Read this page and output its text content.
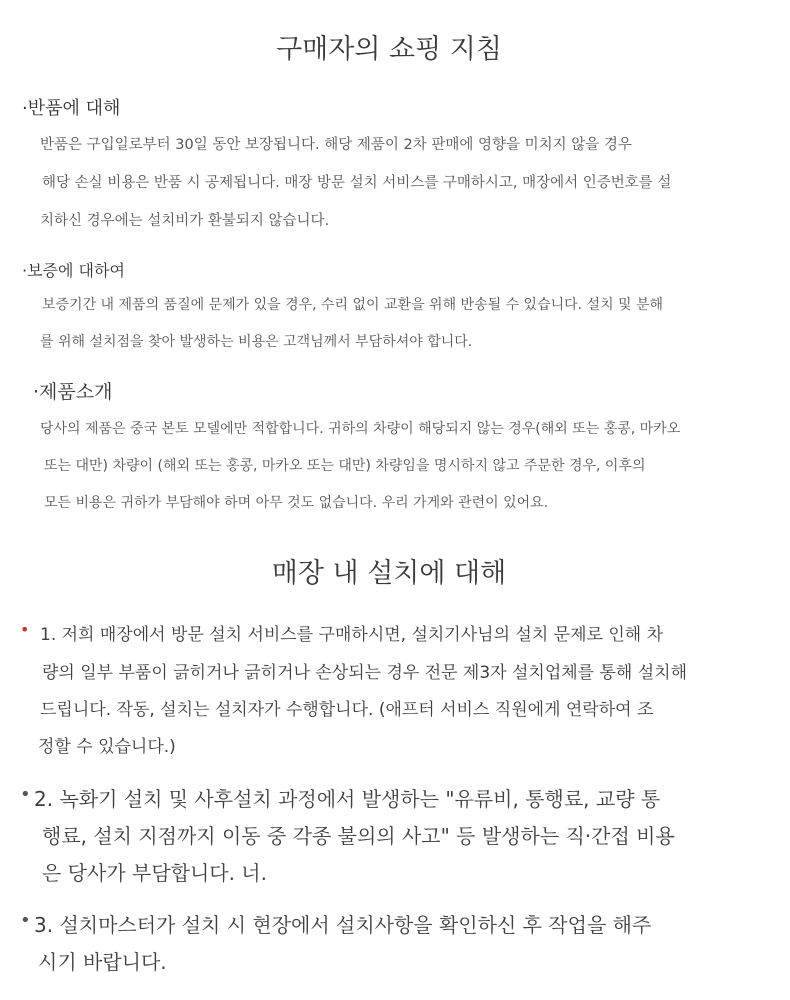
구매자의 쇼핑 지침
·반품에 대해
반품은 구입일로부터 30일 동안 보장됩니다. 해당 제품이 2차 판매에 영향을 미치지 않을 경우
해당 손실 비용은 반품 시 공제됩니다. 매장 방문 설치 서비스를 구매하시고, 매장에서 인증번호를 설
치하신 경우에는 설치비가 환불되지 않습니다.
·보증에 대하여
보증기간 내 제품의 품질에 문제가 있을 경우, 수리 없이 교환을 위해 반송될 수 있습니다. 설치 및 분해
를 위해 설치점을 찾아 발생하는 비용은 고객님께서 부담하셔야 합니다.
·제품소개
당사의 제품은 중국 본토 모델에만 적합합니다. 귀하의 차량이 해당되지 않는 경우(해외 또는 홍콩, 마카오
또는 대만) 차량이 (해외 또는 홍콩, 마카오 또는 대만) 차량임을 명시하지 않고 주문한 경우, 이후의
모든 비용은 귀하가 부담해야 하며 아무 것도 없습니다. 우리 가게와 관련이 있어요.
매장 내 설치에 대해
• 1. 저희 매장에서 방문 설치 서비스를 구매하시면, 설치기사님의 설치 문제로 인해 차
량의 일부 부품이 긁히거나 긁히거나 손상되는 경우 전문 제3자 설치업체를 통해 설치해
드립니다. 작동, 설치는 설치자가 수행합니다. (애프터 서비스 직원에게 연락하여 조
정할 수 있습니다.)
• 2. 녹화기 설치 및 사후설치 과정에서 발생하는 "유류비, 통행료, 교량 통
행료, 설치 지점까지 이동 중 각종 불의의 사고" 등 발생하는 직·간접 비용
은 당사가 부담합니다. 너.
• 3. 설치마스터가 설치 시 현장에서 설치사항을 확인하신 후 작업을 해주
시기 바랍니다.
